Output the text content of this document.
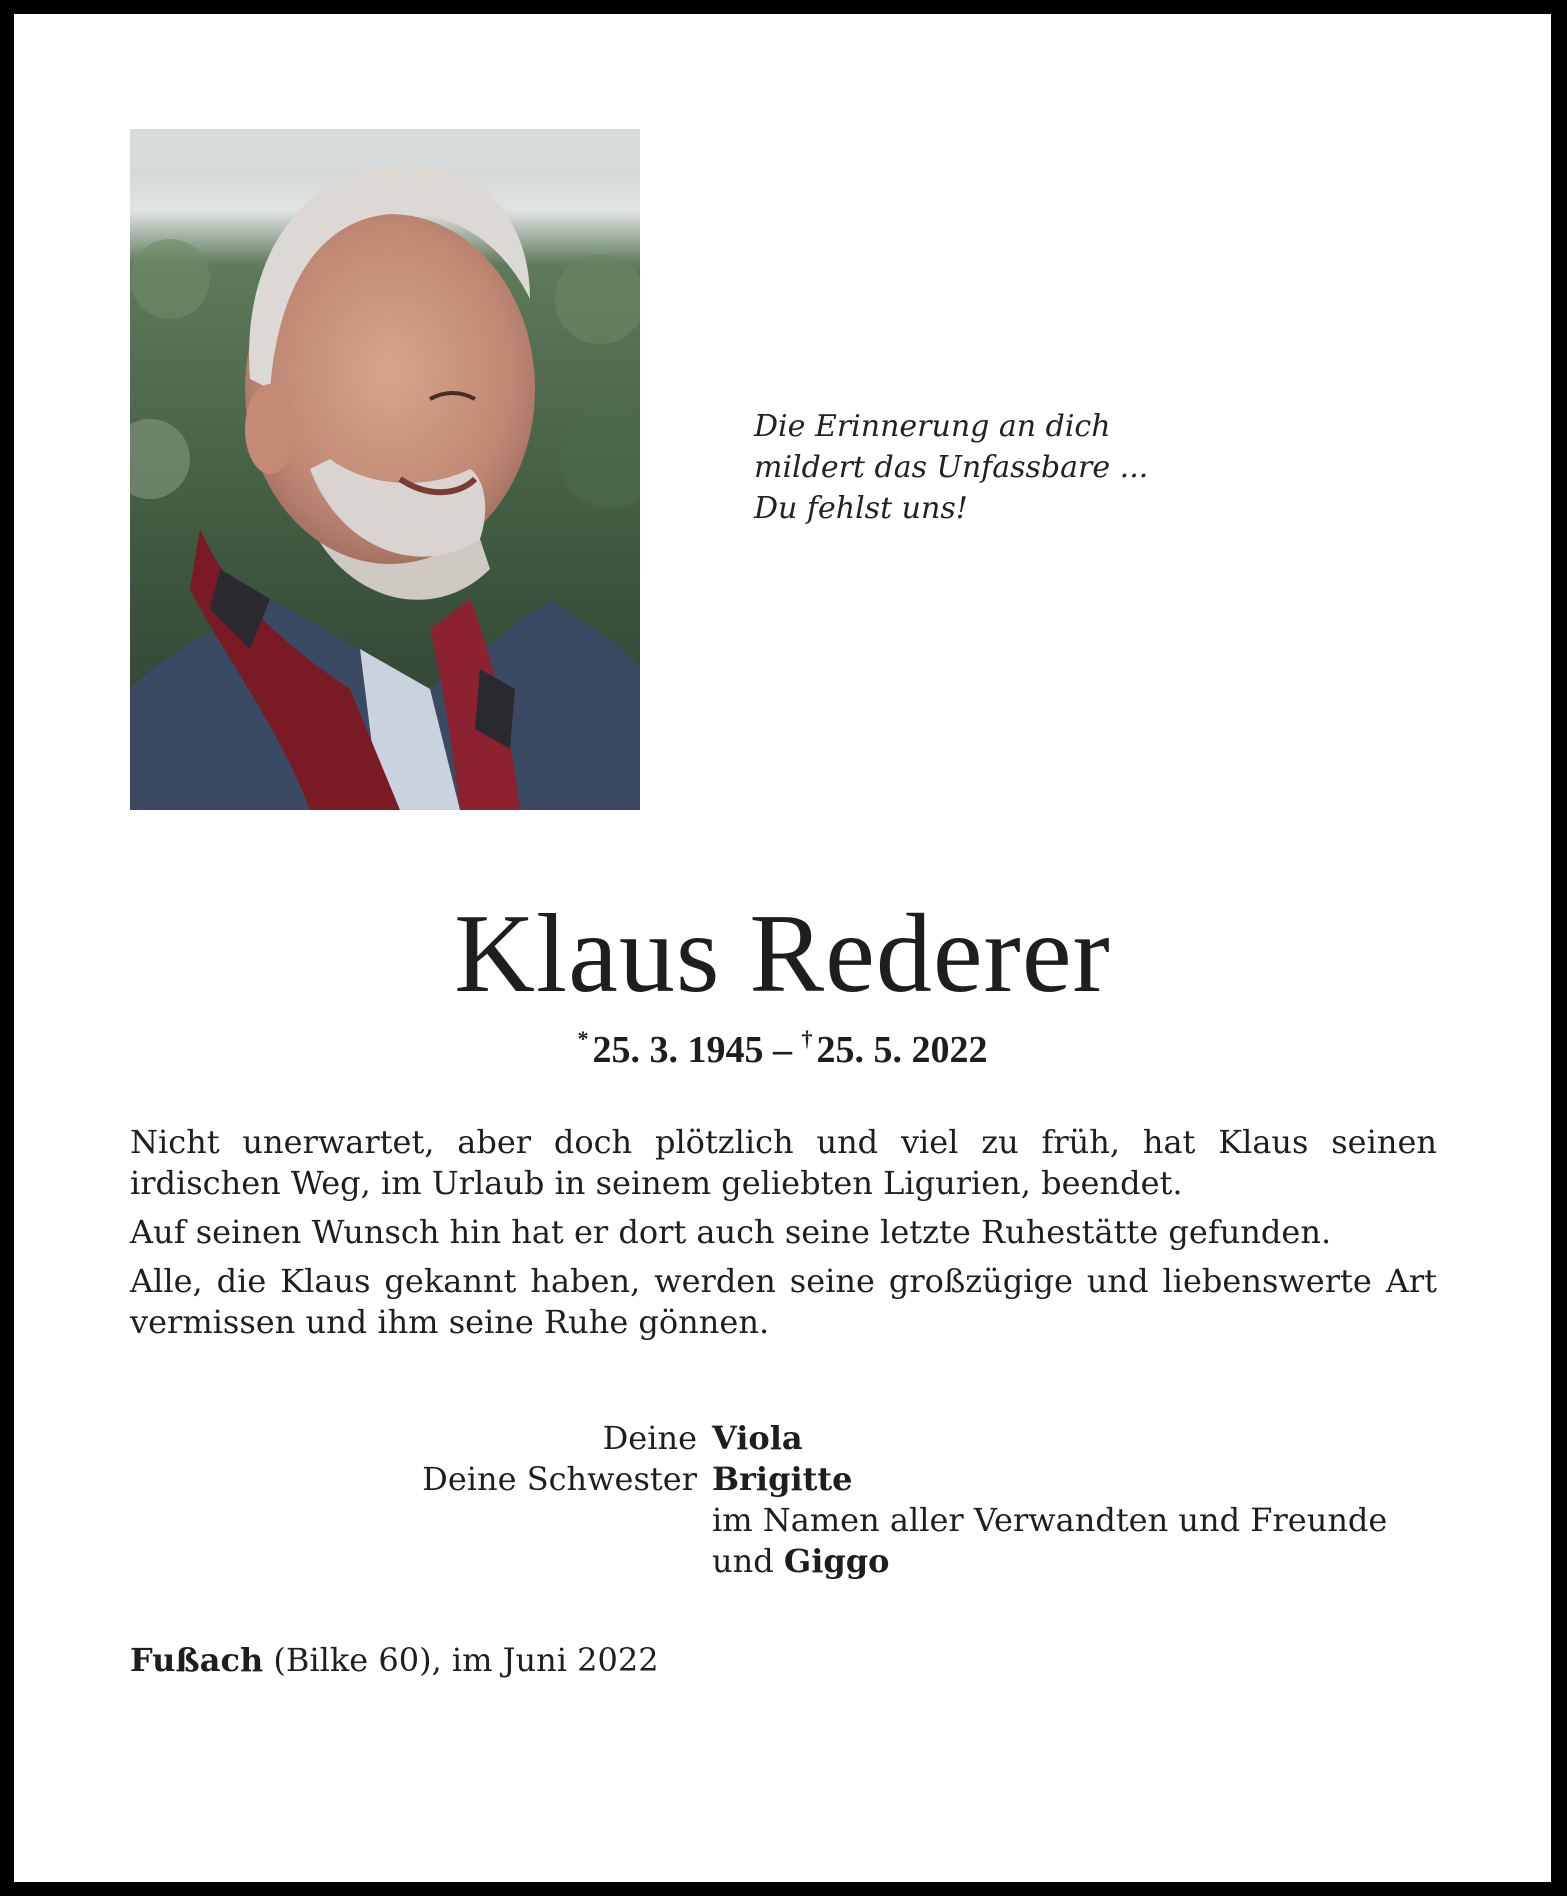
Die Erinnerung an dich
mildert das Unfassbare ...
Du fehlst uns!
Klaus Rederer
* 25. 3. 1945 – † 25. 5. 2022

Nicht unerwartet, aber doch plötzlich und viel zu früh, hat Klaus seinen irdischen Weg, im Urlaub in seinem geliebten Ligurien, beendet.

Auf seinen Wunsch hin hat er dort auch seine letzte Ruhestätte gefunden.

Alle, die Klaus gekannt haben, werden seine großzügige und liebenswerte Art vermissen und ihm seine Ruhe gönnen.

Deine Viola
Deine Schwester Brigitte
im Namen aller Verwandten und Freunde
und Giggo
Fußach (Bilke 60), im Juni 2022
